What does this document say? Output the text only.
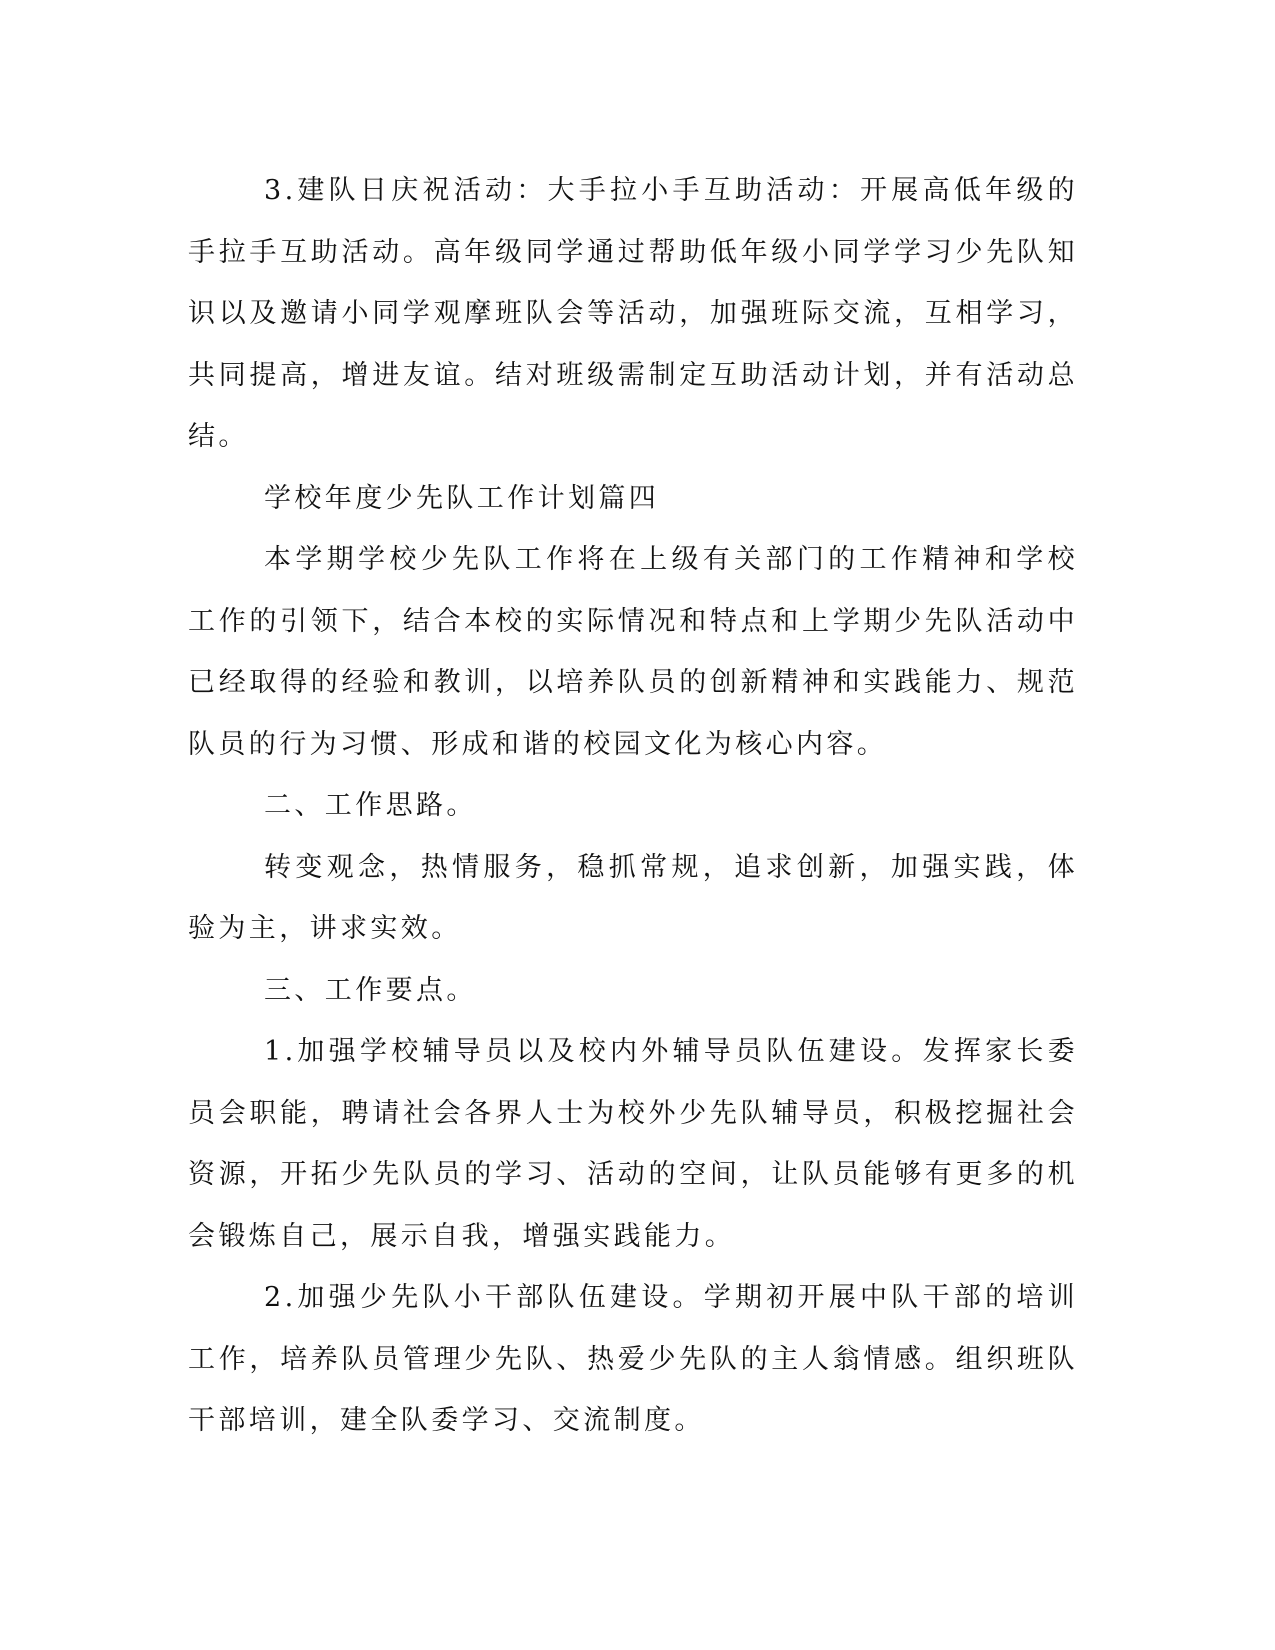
3.建队日庆祝活动：大手拉小手互助活动：开展高低年级的手拉手互助活动。高年级同学通过帮助低年级小同学学习少先队知识以及邀请小同学观摩班队会等活动，加强班际交流，互相学习，共同提高，增进友谊。结对班级需制定互助活动计划，并有活动总结。

学校年度少先队工作计划篇四

本学期学校少先队工作将在上级有关部门的工作精神和学校工作的引领下，结合本校的实际情况和特点和上学期少先队活动中已经取得的经验和教训，以培养队员的创新精神和实践能力、规范队员的行为习惯、形成和谐的校园文化为核心内容。

二、工作思路。

转变观念，热情服务，稳抓常规，追求创新，加强实践，体验为主，讲求实效。

三、工作要点。

1.加强学校辅导员以及校内外辅导员队伍建设。发挥家长委员会职能，聘请社会各界人士为校外少先队辅导员，积极挖掘社会资源，开拓少先队员的学习、活动的空间，让队员能够有更多的机会锻炼自己，展示自我，增强实践能力。

2.加强少先队小干部队伍建设。学期初开展中队干部的培训工作，培养队员管理少先队、热爱少先队的主人翁情感。组织班队干部培训，建全队委学习、交流制度。
